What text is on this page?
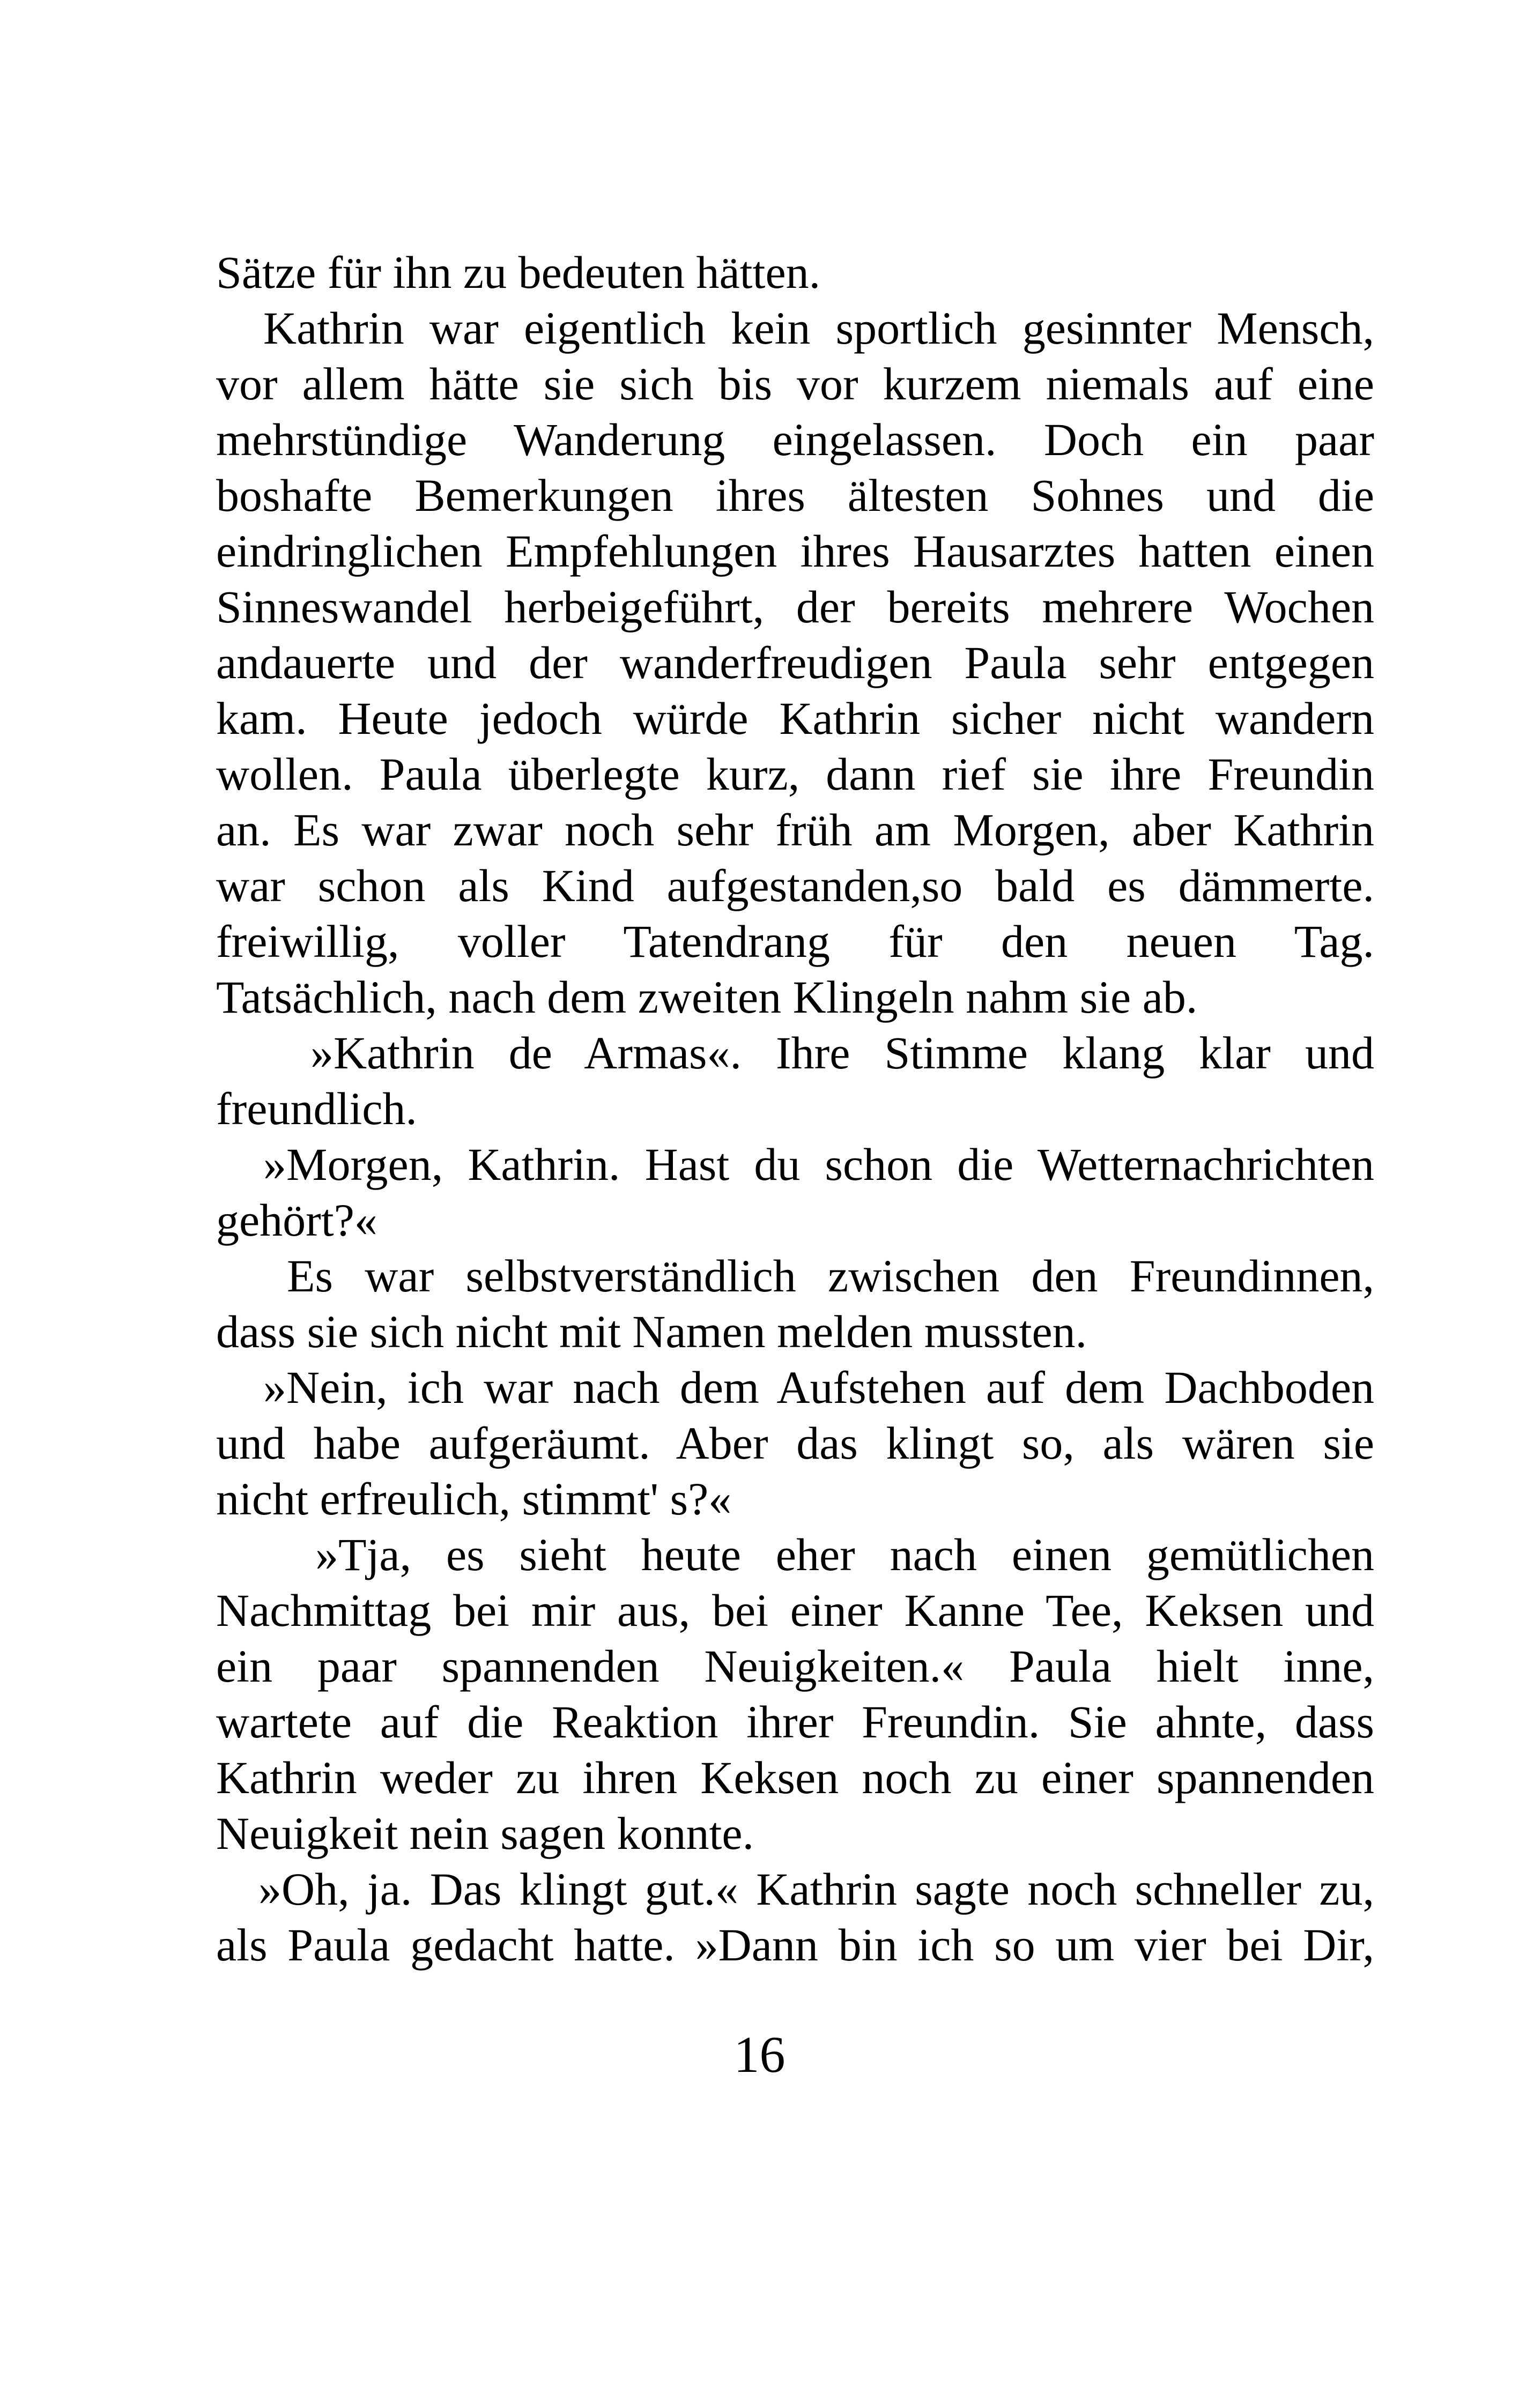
Sätze für ihn zu bedeuten hätten.
Kathrin war eigentlich kein sportlich gesinnter Mensch,
vor allem hätte sie sich bis vor kurzem niemals auf eine
mehrstündige Wanderung eingelassen. Doch ein paar
boshafte Bemerkungen ihres ältesten Sohnes und die
eindringlichen Empfehlungen ihres Hausarztes hatten einen
Sinneswandel herbeigeführt, der bereits mehrere Wochen
andauerte und der wanderfreudigen Paula sehr entgegen
kam. Heute jedoch würde Kathrin sicher nicht wandern
wollen. Paula überlegte kurz, dann rief sie ihre Freundin
an. Es war zwar noch sehr früh am Morgen, aber Kathrin
war schon als Kind aufgestanden,so bald es dämmerte.
freiwillig, voller Tatendrang für den neuen Tag.
Tatsächlich, nach dem zweiten Klingeln nahm sie ab.
»Kathrin de Armas«. Ihre Stimme klang klar und
freundlich.
»Morgen, Kathrin. Hast du schon die Wetternachrichten
gehört?«
Es war selbstverständlich zwischen den Freundinnen,
dass sie sich nicht mit Namen melden mussten.
»Nein, ich war nach dem Aufstehen auf dem Dachboden
und habe aufgeräumt. Aber das klingt so, als wären sie
nicht erfreulich, stimmt' s?«
»Tja, es sieht heute eher nach einen gemütlichen
Nachmittag bei mir aus, bei einer Kanne Tee, Keksen und
ein paar spannenden Neuigkeiten.« Paula hielt inne,
wartete auf die Reaktion ihrer Freundin. Sie ahnte, dass
Kathrin weder zu ihren Keksen noch zu einer spannenden
Neuigkeit nein sagen konnte.
»Oh, ja. Das klingt gut.« Kathrin sagte noch schneller zu,
als Paula gedacht hatte. »Dann bin ich so um vier bei Dir,
16
